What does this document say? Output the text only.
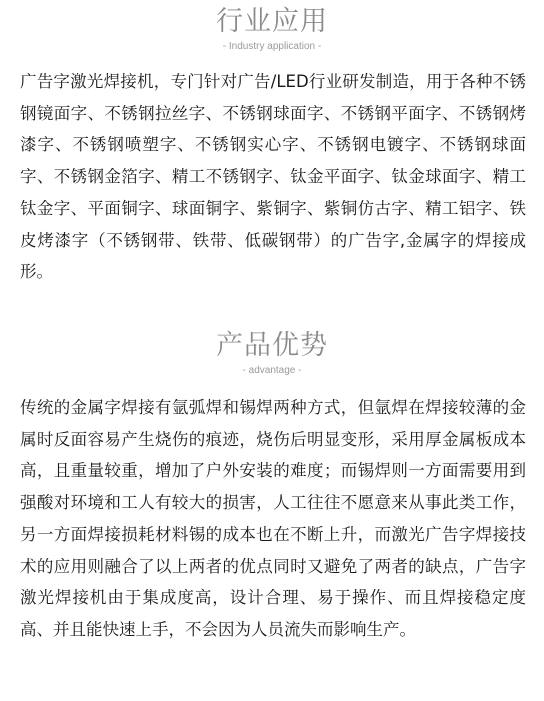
行业应用

- Industry application -

广告字激光焊接机，专门针对广告/LED行业研发制造，用于各种不锈钢镜面字、不锈钢拉丝字、不锈钢球面字、不锈钢平面字、不锈钢烤漆字、不锈钢喷塑字、不锈钢实心字、不锈钢电镀字、不锈钢球面字、不锈钢金箔字、精工不锈钢字、钛金平面字、钛金球面字、精工钛金字、平面铜字、球面铜字、紫铜字、紫铜仿古字、精工铝字、铁皮烤漆字（不锈钢带、铁带、低碳钢带）的广告字,金属字的焊接成形。

产品优势

- advantage -

传统的金属字焊接有氩弧焊和锡焊两种方式，但氩焊在焊接较薄的金属时反面容易产生烧伤的痕迹，烧伤后明显变形，采用厚金属板成本高，且重量较重，增加了户外安装的难度；而锡焊则一方面需要用到强酸对环境和工人有较大的损害，人工往往不愿意来从事此类工作，另一方面焊接损耗材料锡的成本也在不断上升，而激光广告字焊接技术的应用则融合了以上两者的优点同时又避免了两者的缺点，广告字激光焊接机由于集成度高，设计合理、易于操作、而且焊接稳定度高、并且能快速上手，不会因为人员流失而影响生产。
